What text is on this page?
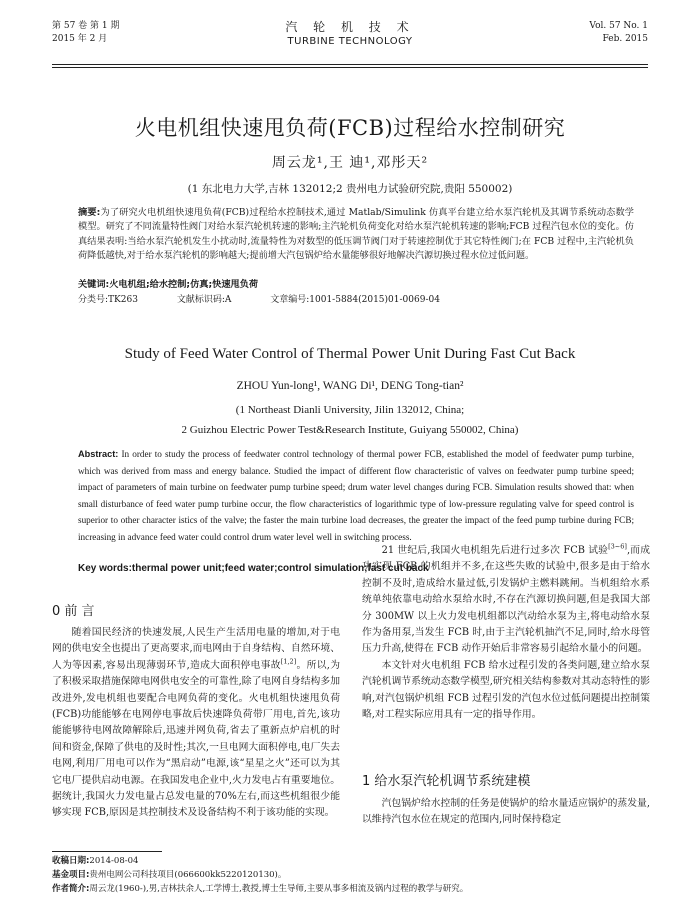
第 57 卷 第 1 期
2015 年 2 月
汽 轮 机 技 术
TURBINE TECHNOLOGY
Vol. 57 No. 1
Feb. 2015
火电机组快速甩负荷(FCB)过程给水控制研究
周云龙¹,王 迪¹,邓彤天²
(1 东北电力大学,吉林 132012;2 贵州电力试验研究院,贵阳 550002)
摘要:为了研究火电机组快速甩负荷(FCB)过程给水控制技术,通过 Matlab/Simulink 仿真平台建立给水泵汽轮机及其调节系统动态数学模型。研究了不同流量特性阀门对给水泵汽轮机转速的影响;主汽轮机负荷变化对给水泵汽轮机转速的影响;FCB 过程汽包水位的变化。仿真结果表明:当给水泵汽轮机发生小扰动时,流量特性为对数型的低压调节阀门对于转速控制优于其它特性阀门;在 FCB 过程中,主汽轮机负荷降低越快,对于给水泵汽轮机的影响越大;提前增大汽包锅炉给水量能够很好地解决汽源切换过程水位过低问题。
关键词:火电机组;给水控制;仿真;快速甩负荷
分类号:TK263	文献标识码:A	文章编号:1001-5884(2015)01-0069-04
Study of Feed Water Control of Thermal Power Unit During Fast Cut Back
ZHOU Yun-long¹, WANG Di¹, DENG Tong-tian²
(1 Northeast Dianli University, Jilin 132012, China;
2 Guizhou Electric Power Test&Research Institute, Guiyang 550002, China)
Abstract: In order to study the process of feedwater control technology of thermal power FCB, established the model of feedwater pump turbine, which was derived from mass and energy balance. Studied the impact of different flow characteristic of valves on feedwater pump turbine speed; impact of parameters of main turbine on feedwater pump turbine speed; drum water level changes during FCB. Simulation results showed that: when small disturbance of feed water pump turbine occur, the flow characteristics of logarithmic type of low-pressure regulating valve for speed control is superior to other character istics of the valve; the faster the main turbine load decreases, the greater the impact of the feed pump turbine during FCB; increasing in advance feed water could control drum water level well in switching process.
Key words:thermal power unit;feed water;control simulation;fast cut back
0 前 言

随着国民经济的快速发展,人民生产生活用电量的增加,对于电网的供电安全也提出了更高要求,而电网由于自身结构、自然环境、人为等因素,容易出现薄弱环节,造成大面积停电事故[1,2]。所以,为了积极采取措施保障电网供电安全的可靠性,除了电网自身结构多加改进外,发电机组也要配合电网负荷的变化。火电机组快速甩负荷(FCB)功能能够在电网停电事故后快速降负荷带厂用电,首先,该功能能够待电网故障解除后,迅速并网负荷,省去了重新点炉启机的时间和资金,保障了供电的及时性;其次,一旦电网大面积停电,电厂失去电网,利用厂用电可以作为“黑启动”电源,该“星星之火”还可以为其它电厂提供启动电源。在我国发电企业中,火力发电占有重要地位。据统计,我国火力发电量占总发电量的70%左右,而这些机组很少能够实现 FCB,原因是其控制技术及设备结构不利于该功能的实现。

21 世纪后,我国火电机组先后进行过多次 FCB 试验[3~6],而成功实现 FCB 的机组并不多,在这些失败的试验中,很多是由于给水控制不及时,造成给水量过低,引发锅炉主燃料跳闸。当机组给水系统单纯依靠电动给水泵给水时,不存在汽源切换问题,但是我国大部分 300MW 以上火力发电机组都以汽动给水泵为主,将电动给水泵作为备用泵,当发生 FCB 时,由于主汽轮机抽汽不足,同时,给水母管压力升高,使得在 FCB 动作开始后非常容易引起给水量小的问题。

本文针对火电机组 FCB 给水过程引发的各类问题,建立给水泵汽轮机调节系统动态数学模型,研究相关结构参数对其动态特性的影响,对汽包锅炉机组 FCB 过程引发的汽包水位过低问题提出控制策略,对工程实际应用具有一定的指导作用。

1 给水泵汽轮机调节系统建模

汽包锅炉给水控制的任务是使锅炉的给水量适应锅炉的蒸发量,以维持汽包水位在规定的范围内,同时保持稳定

收稿日期:2014-08-04
基金项目:贵州电网公司科技项目(066600kk5220120130)。
作者简介:周云龙(1960-),男,吉林扶余人,工学博士,教授,博士生导师,主要从事多相流及锅内过程的教学与研究。
